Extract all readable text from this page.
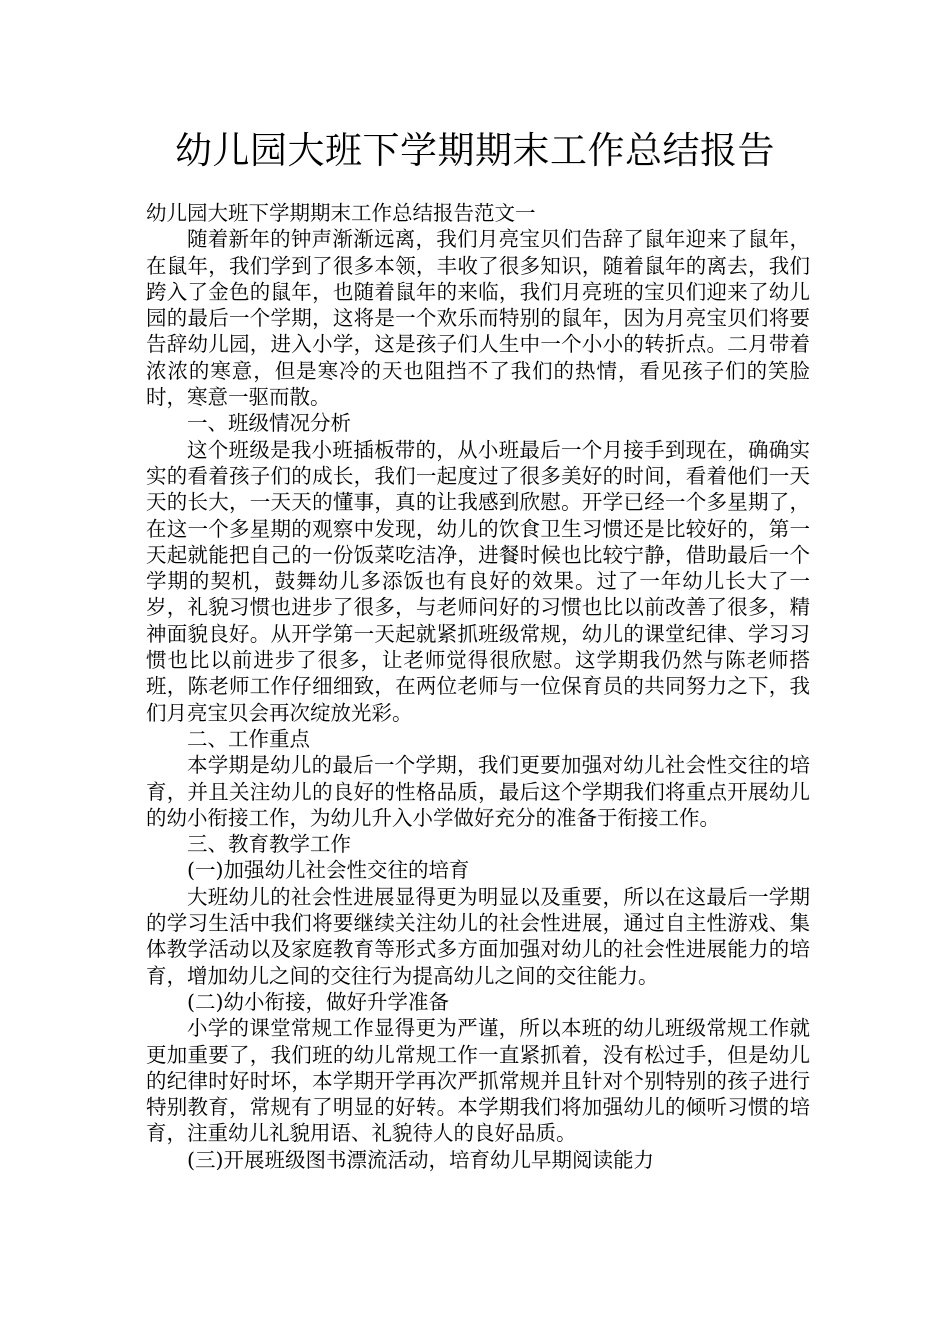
幼儿园大班下学期期末工作总结报告

幼儿园大班下学期期末工作总结报告范文一

随着新年的钟声渐渐远离，我们月亮宝贝们告辞了鼠年迎来了鼠年，在鼠年，我们学到了很多本领，丰收了很多知识，随着鼠年的离去，我们跨入了金色的鼠年，也随着鼠年的来临，我们月亮班的宝贝们迎来了幼儿园的最后一个学期，这将是一个欢乐而特别的鼠年，因为月亮宝贝们将要告辞幼儿园，进入小学，这是孩子们人生中一个小小的转折点。二月带着浓浓的寒意，但是寒冷的天也阻挡不了我们的热情，看见孩子们的笑脸时，寒意一驱而散。

一、班级情况分析

这个班级是我小班插板带的，从小班最后一个月接手到现在，确确实实的看着孩子们的成长，我们一起度过了很多美好的时间，看着他们一天天的长大，一天天的懂事，真的让我感到欣慰。开学已经一个多星期了，在这一个多星期的观察中发现，幼儿的饮食卫生习惯还是比较好的，第一天起就能把自己的一份饭菜吃洁净，进餐时候也比较宁静，借助最后一个学期的契机，鼓舞幼儿多添饭也有良好的效果。过了一年幼儿长大了一岁，礼貌习惯也进步了很多，与老师问好的习惯也比以前改善了很多，精神面貌良好。从开学第一天起就紧抓班级常规，幼儿的课堂纪律、学习习惯也比以前进步了很多，让老师觉得很欣慰。这学期我仍然与陈老师搭班，陈老师工作仔细细致，在两位老师与一位保育员的共同努力之下，我们月亮宝贝会再次绽放光彩。

二、工作重点

本学期是幼儿的最后一个学期，我们更要加强对幼儿社会性交往的培育，并且关注幼儿的良好的性格品质，最后这个学期我们将重点开展幼儿的幼小衔接工作，为幼儿升入小学做好充分的准备于衔接工作。

三、教育教学工作

(一)加强幼儿社会性交往的培育

大班幼儿的社会性进展显得更为明显以及重要，所以在这最后一学期的学习生活中我们将要继续关注幼儿的社会性进展，通过自主性游戏、集体教学活动以及家庭教育等形式多方面加强对幼儿的社会性进展能力的培育，增加幼儿之间的交往行为提高幼儿之间的交往能力。

(二)幼小衔接，做好升学准备

小学的课堂常规工作显得更为严谨，所以本班的幼儿班级常规工作就更加重要了，我们班的幼儿常规工作一直紧抓着，没有松过手，但是幼儿的纪律时好时坏，本学期开学再次严抓常规并且针对个别特别的孩子进行特别教育，常规有了明显的好转。本学期我们将加强幼儿的倾听习惯的培育，注重幼儿礼貌用语、礼貌待人的良好品质。

(三)开展班级图书漂流活动，培育幼儿早期阅读能力
